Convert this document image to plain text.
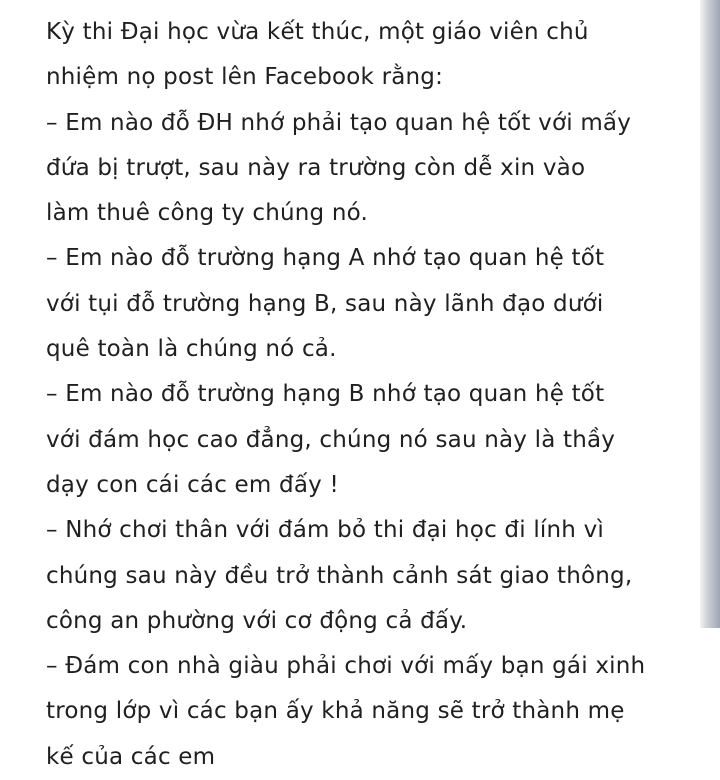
Kỳ thi Đại học vừa kết thúc, một giáo viên chủ
nhiệm nọ post lên Facebook rằng:
– Em nào đỗ ĐH nhớ phải tạo quan hệ tốt với mấy
đứa bị trượt, sau này ra trường còn dễ xin vào
làm thuê công ty chúng nó.
– Em nào đỗ trường hạng A nhớ tạo quan hệ tốt
với tụi đỗ trường hạng B, sau này lãnh đạo dưới
quê toàn là chúng nó cả.
– Em nào đỗ trường hạng B nhớ tạo quan hệ tốt
với đám học cao đẳng, chúng nó sau này là thầy
dạy con cái các em đấy !
– Nhớ chơi thân với đám bỏ thi đại học đi lính vì
chúng sau này đều trở thành cảnh sát giao thông,
công an phường với cơ động cả đấy.
– Đám con nhà giàu phải chơi với mấy bạn gái xinh
trong lớp vì các bạn ấy khả năng sẽ trở thành mẹ
kế của các em
